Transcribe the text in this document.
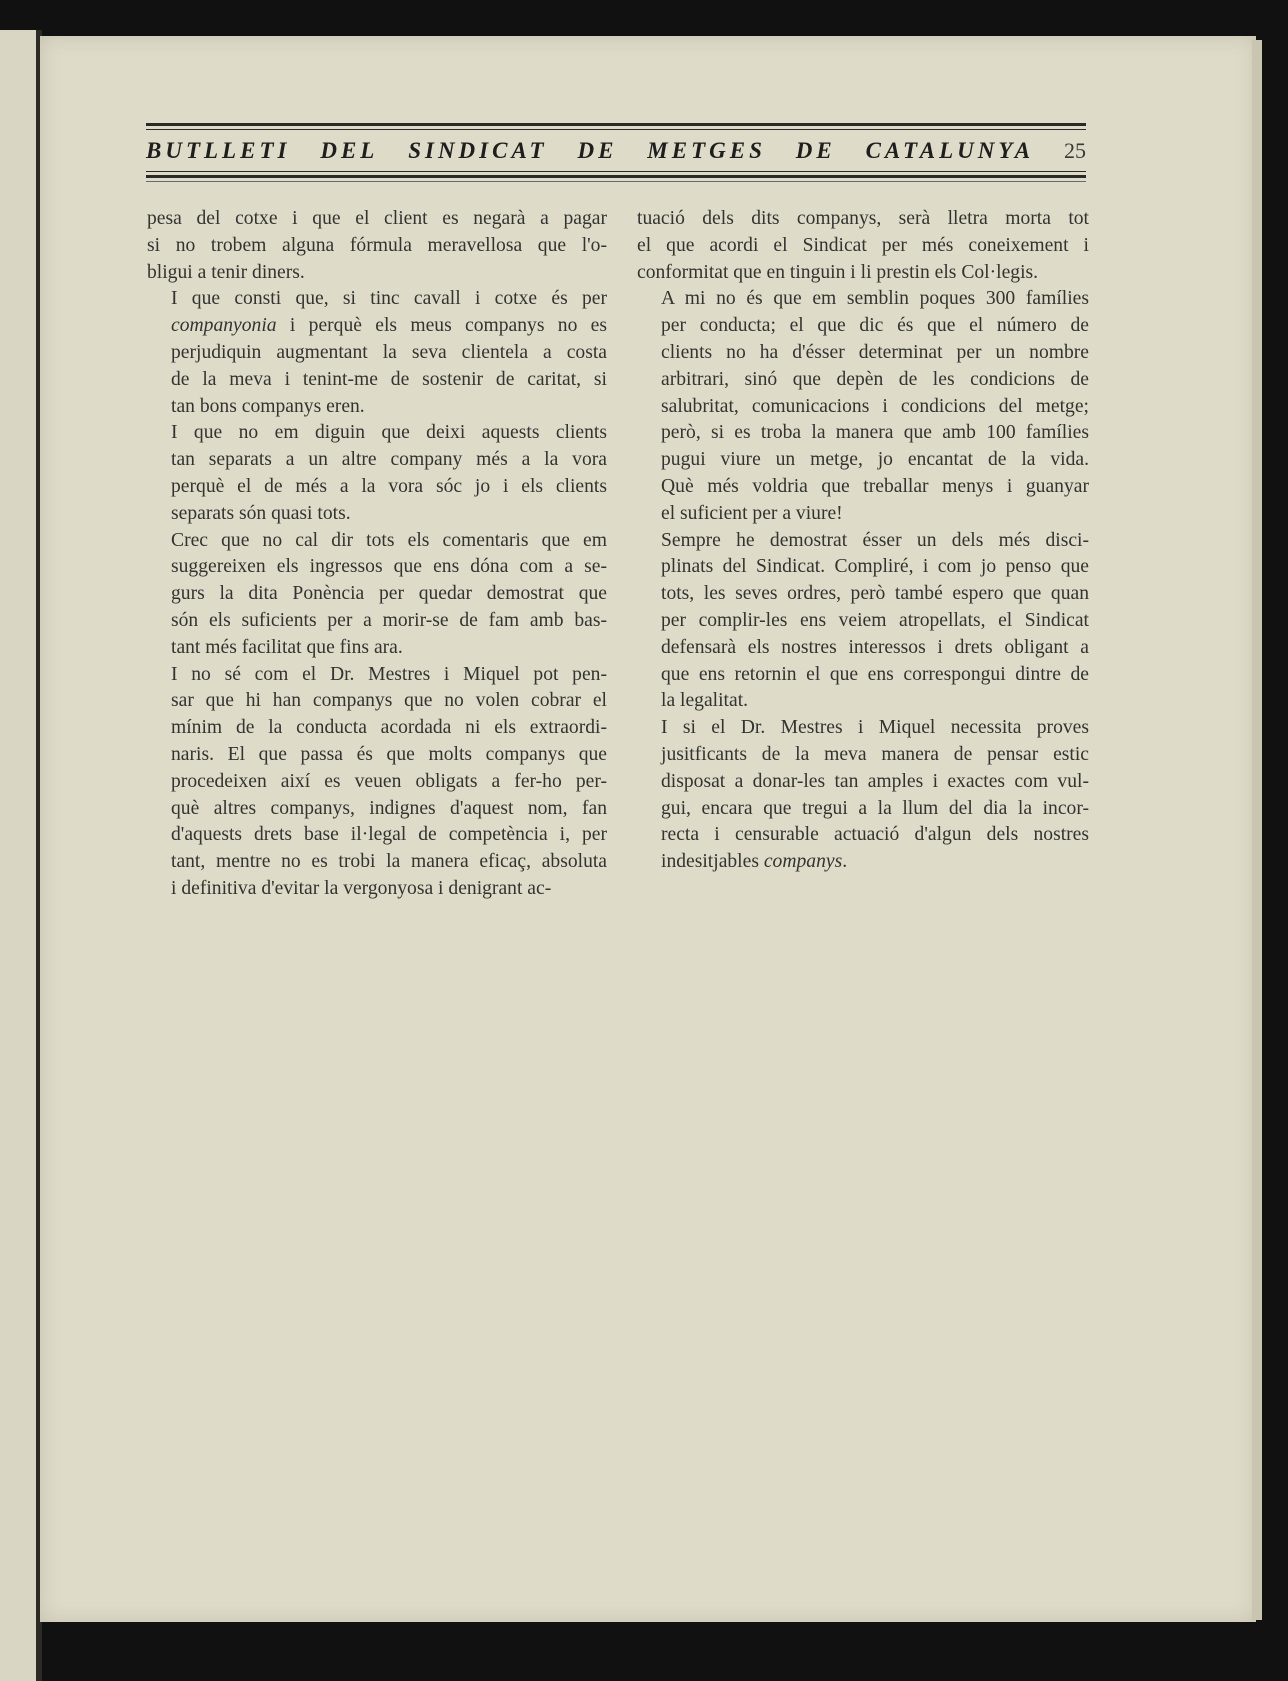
BUTLLETI DEL SINDICAT DE METGES DE CATALUNYA 25

pesa del cotxe i que el client es negarà a pagar
si no trobem alguna fórmula meravellosa que l'o-
bligui a tenir diners.

I que consti que, si tinc cavall i cotxe és per
companyonia i perquè els meus companys no es
perjudiquin augmentant la seva clientela a costa
de la meva i tenint-me de sostenir de caritat, si
tan bons companys eren.

I que no em diguin que deixi aquests clients
tan separats a un altre company més a la vora
perquè el de més a la vora sóc jo i els clients
separats són quasi tots.

Crec que no cal dir tots els comentaris que em
suggereixen els ingressos que ens dóna com a se-
gurs la dita Ponència per quedar demostrat que
són els suficients per a morir-se de fam amb bas-
tant més facilitat que fins ara.

I no sé com el Dr. Mestres i Miquel pot pen-
sar que hi han companys que no volen cobrar el
mínim de la conducta acordada ni els extraordi-
naris. El que passa és que molts companys que
procedeixen així es veuen obligats a fer-ho per-
què altres companys, indignes d'aquest nom, fan
d'aquests drets base il·legal de competència i, per
tant, mentre no es trobi la manera eficaç, absoluta
i definitiva d'evitar la vergonyosa i denigrant ac-

tuació dels dits companys, serà lletra morta tot
el que acordi el Sindicat per més coneixement i
conformitat que en tinguin i li prestin els Col·legis.

A mi no és que em semblin poques 300 famílies
per conducta; el que dic és que el número de
clients no ha d'ésser determinat per un nombre
arbitrari, sinó que depèn de les condicions de
salubritat, comunicacions i condicions del metge;
però, si es troba la manera que amb 100 famílies
pugui viure un metge, jo encantat de la vida.
Què més voldria que treballar menys i guanyar
el suficient per a viure!

Sempre he demostrat ésser un dels més disci-
plinats del Sindicat. Compliré, i com jo penso que
tots, les seves ordres, però també espero que quan
per complir-les ens veiem atropellats, el Sindicat
defensarà els nostres interessos i drets obligant a
que ens retornin el que ens correspongui dintre de
la legalitat.

I si el Dr. Mestres i Miquel necessita proves
jusitficants de la meva manera de pensar estic
disposat a donar-les tan amples i exactes com vul-
gui, encara que tregui a la llum del dia la incor-
recta i censurable actuació d'algun dels nostres
indesitjables companys.
